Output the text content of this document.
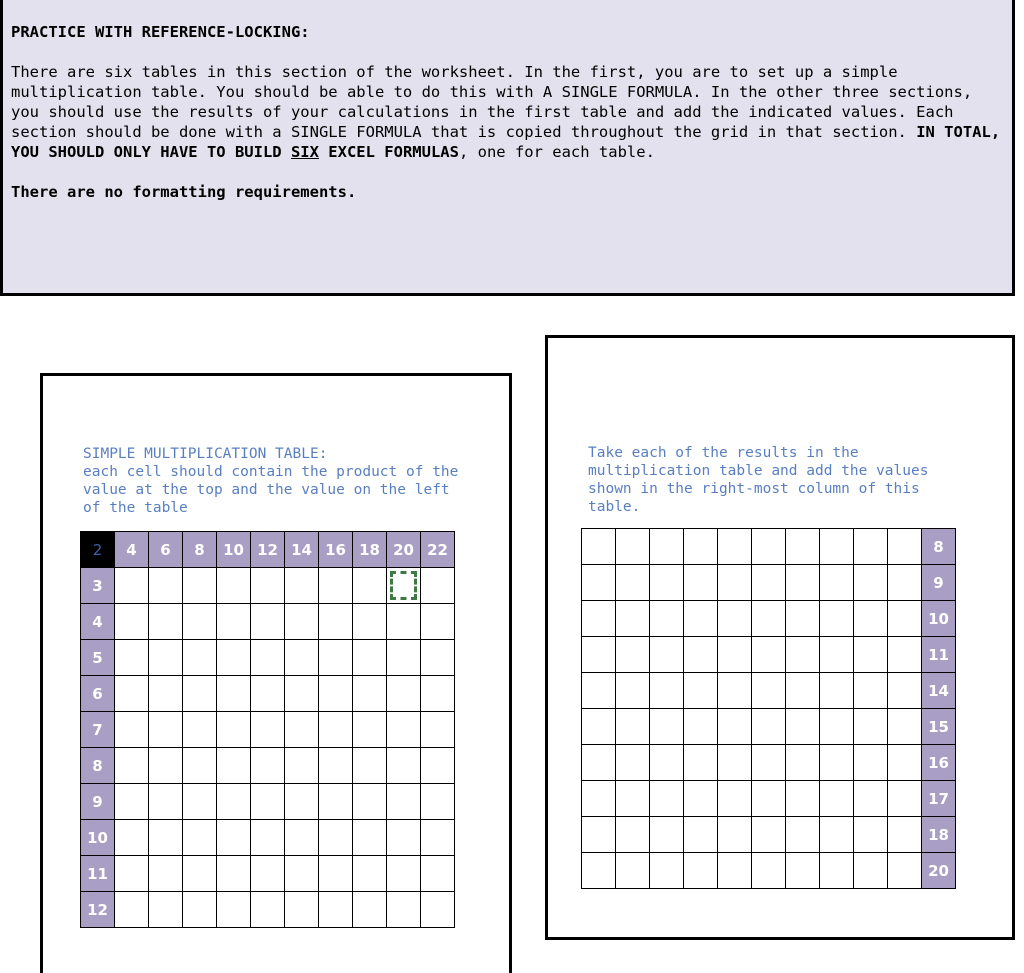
PRACTICE WITH REFERENCE-LOCKING:

There are six tables in this section of the worksheet. In the first, you are to set up a simple multiplication table. You should be able to do this with A SINGLE FORMULA. In the other three sections, you should use the results of your calculations in the first table and add the indicated values. Each section should be done with a SINGLE FORMULA that is copied throughout the grid in that section. IN TOTAL, YOU SHOULD ONLY HAVE TO BUILD SIX EXCEL FORMULAS, one for each table.

There are no formatting requirements.

SIMPLE MULTIPLICATION TABLE:
each cell should contain the product of the
value at the top and the value on the left
of the table
2	4	6	8	10	12	14	16	18	20	22
3										
4										
5										
6										
7										
8										
9										
10										
11										
12										
Take each of the results in the
multiplication table and add the values
shown in the right-most column of this
table.
										8
										9
										10
										11
										14
										15
										16
										17
										18
										20
